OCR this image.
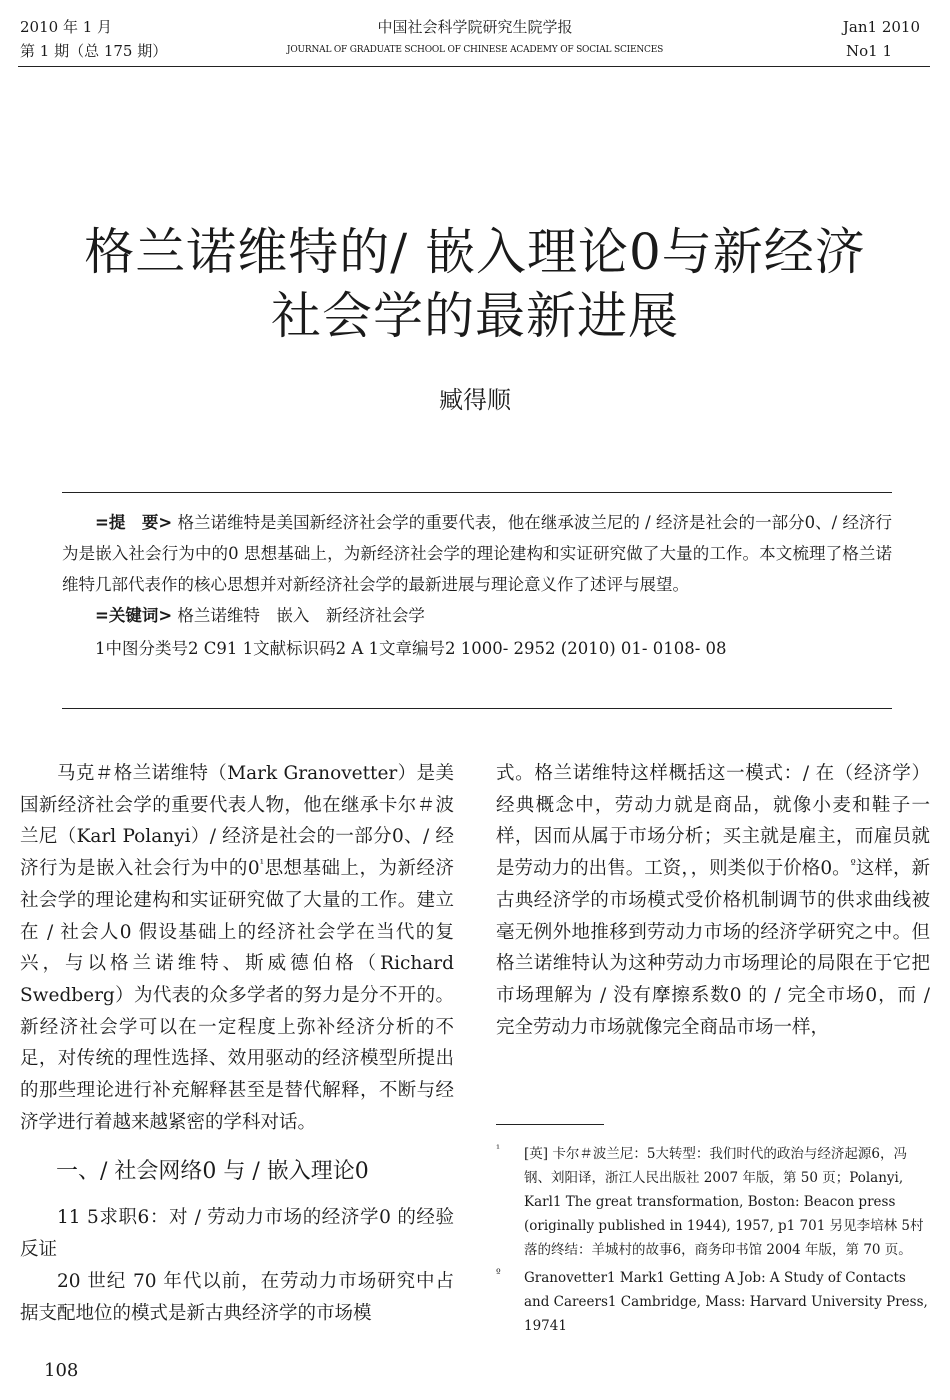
2010 年 1 月
第 1 期（总 175 期）
中国社会科学院研究生院学报
JOURNAL OF GRADUATE SCHOOL OF CHINESE ACADEMY OF SOCIAL SCIENCES
Jan1 2010
No1 1
格兰诺维特的/ 嵌入理论0与新经济
社会学的最新进展
臧得顺

=提　要> 格兰诺维特是美国新经济社会学的重要代表，他在继承波兰尼的 / 经济是社会的一部分0、/ 经济行为是嵌入社会行为中的0 思想基础上，为新经济社会学的理论建构和实证研究做了大量的工作。本文梳理了格兰诺维特几部代表作的核心思想并对新经济社会学的最新进展与理论意义作了述评与展望。

=关键词> 格兰诺维特　嵌入　新经济社会学

1中图分类号2 C91 1文献标识码2 A 1文章编号2 1000- 2952 (2010) 01- 0108- 08

马克＃格兰诺维特（Mark Granovetter）是美国新经济社会学的重要代表人物，他在继承卡尔＃波兰尼（Karl Polanyi）/ 经济是社会的一部分0、/ 经济行为是嵌入社会行为中的$0^{^1}$思想基础上，为新经济社会学的理论建构和实证研究做了大量的工作。建立在 / 社会人0 假设基础上的经济社会学在当代的复兴，与以格兰诺维特、斯威德伯格（Richard Swedberg）为代表的众多学者的努力是分不开的。新经济社会学可以在一定程度上弥补经济分析的不足，对传统的理性选择、效用驱动的经济模型所提出的那些理论进行补充解释甚至是替代解释，不断与经济学进行着越来越紧密的学科对话。

一、/ 社会网络0 与 / 嵌入理论0

11 5求职6：对 / 劳动力市场的经济学0 的经验反证

20 世纪 70 年代以前，在劳动力市场研究中占据支配地位的模式是新古典经济学的市场模

式。格兰诺维特这样概括这一模式：/ 在（经济学）经典概念中，劳动力就是商品，就像小麦和鞋子一样，因而从属于市场分析；买主就是雇主，而雇员就是劳动力的出售。工资，，则类似于价格0。$^º$这样，新古典经济学的市场模式受价格机制调节的供求曲线被毫无例外地推移到劳动力市场的经济学研究之中。但格兰诺维特认为这种劳动力市场理论的局限在于它把市场理解为 / 没有摩擦系数0 的 / 完全市场0，而 / 完全劳动力市场就像完全商品市场一样，

¹ [英] 卡尔＃波兰尼：5大转型：我们时代的政治与经济起源6，冯钢、刘阳译，浙江人民出版社 2007 年版，第 50 页；Polanyi, Karl1 The great transformation, Boston: Beacon press (originally published in 1944), 1957, p1 701 另见李培林 5村落的终结：羊城村的故事6，商务印书馆 2004 年版，第 70 页。
º Granovetter1 Mark1 Getting A Job: A Study of Contacts and Careers1 Cambridge, Mass: Harvard University Press, 19741
108
